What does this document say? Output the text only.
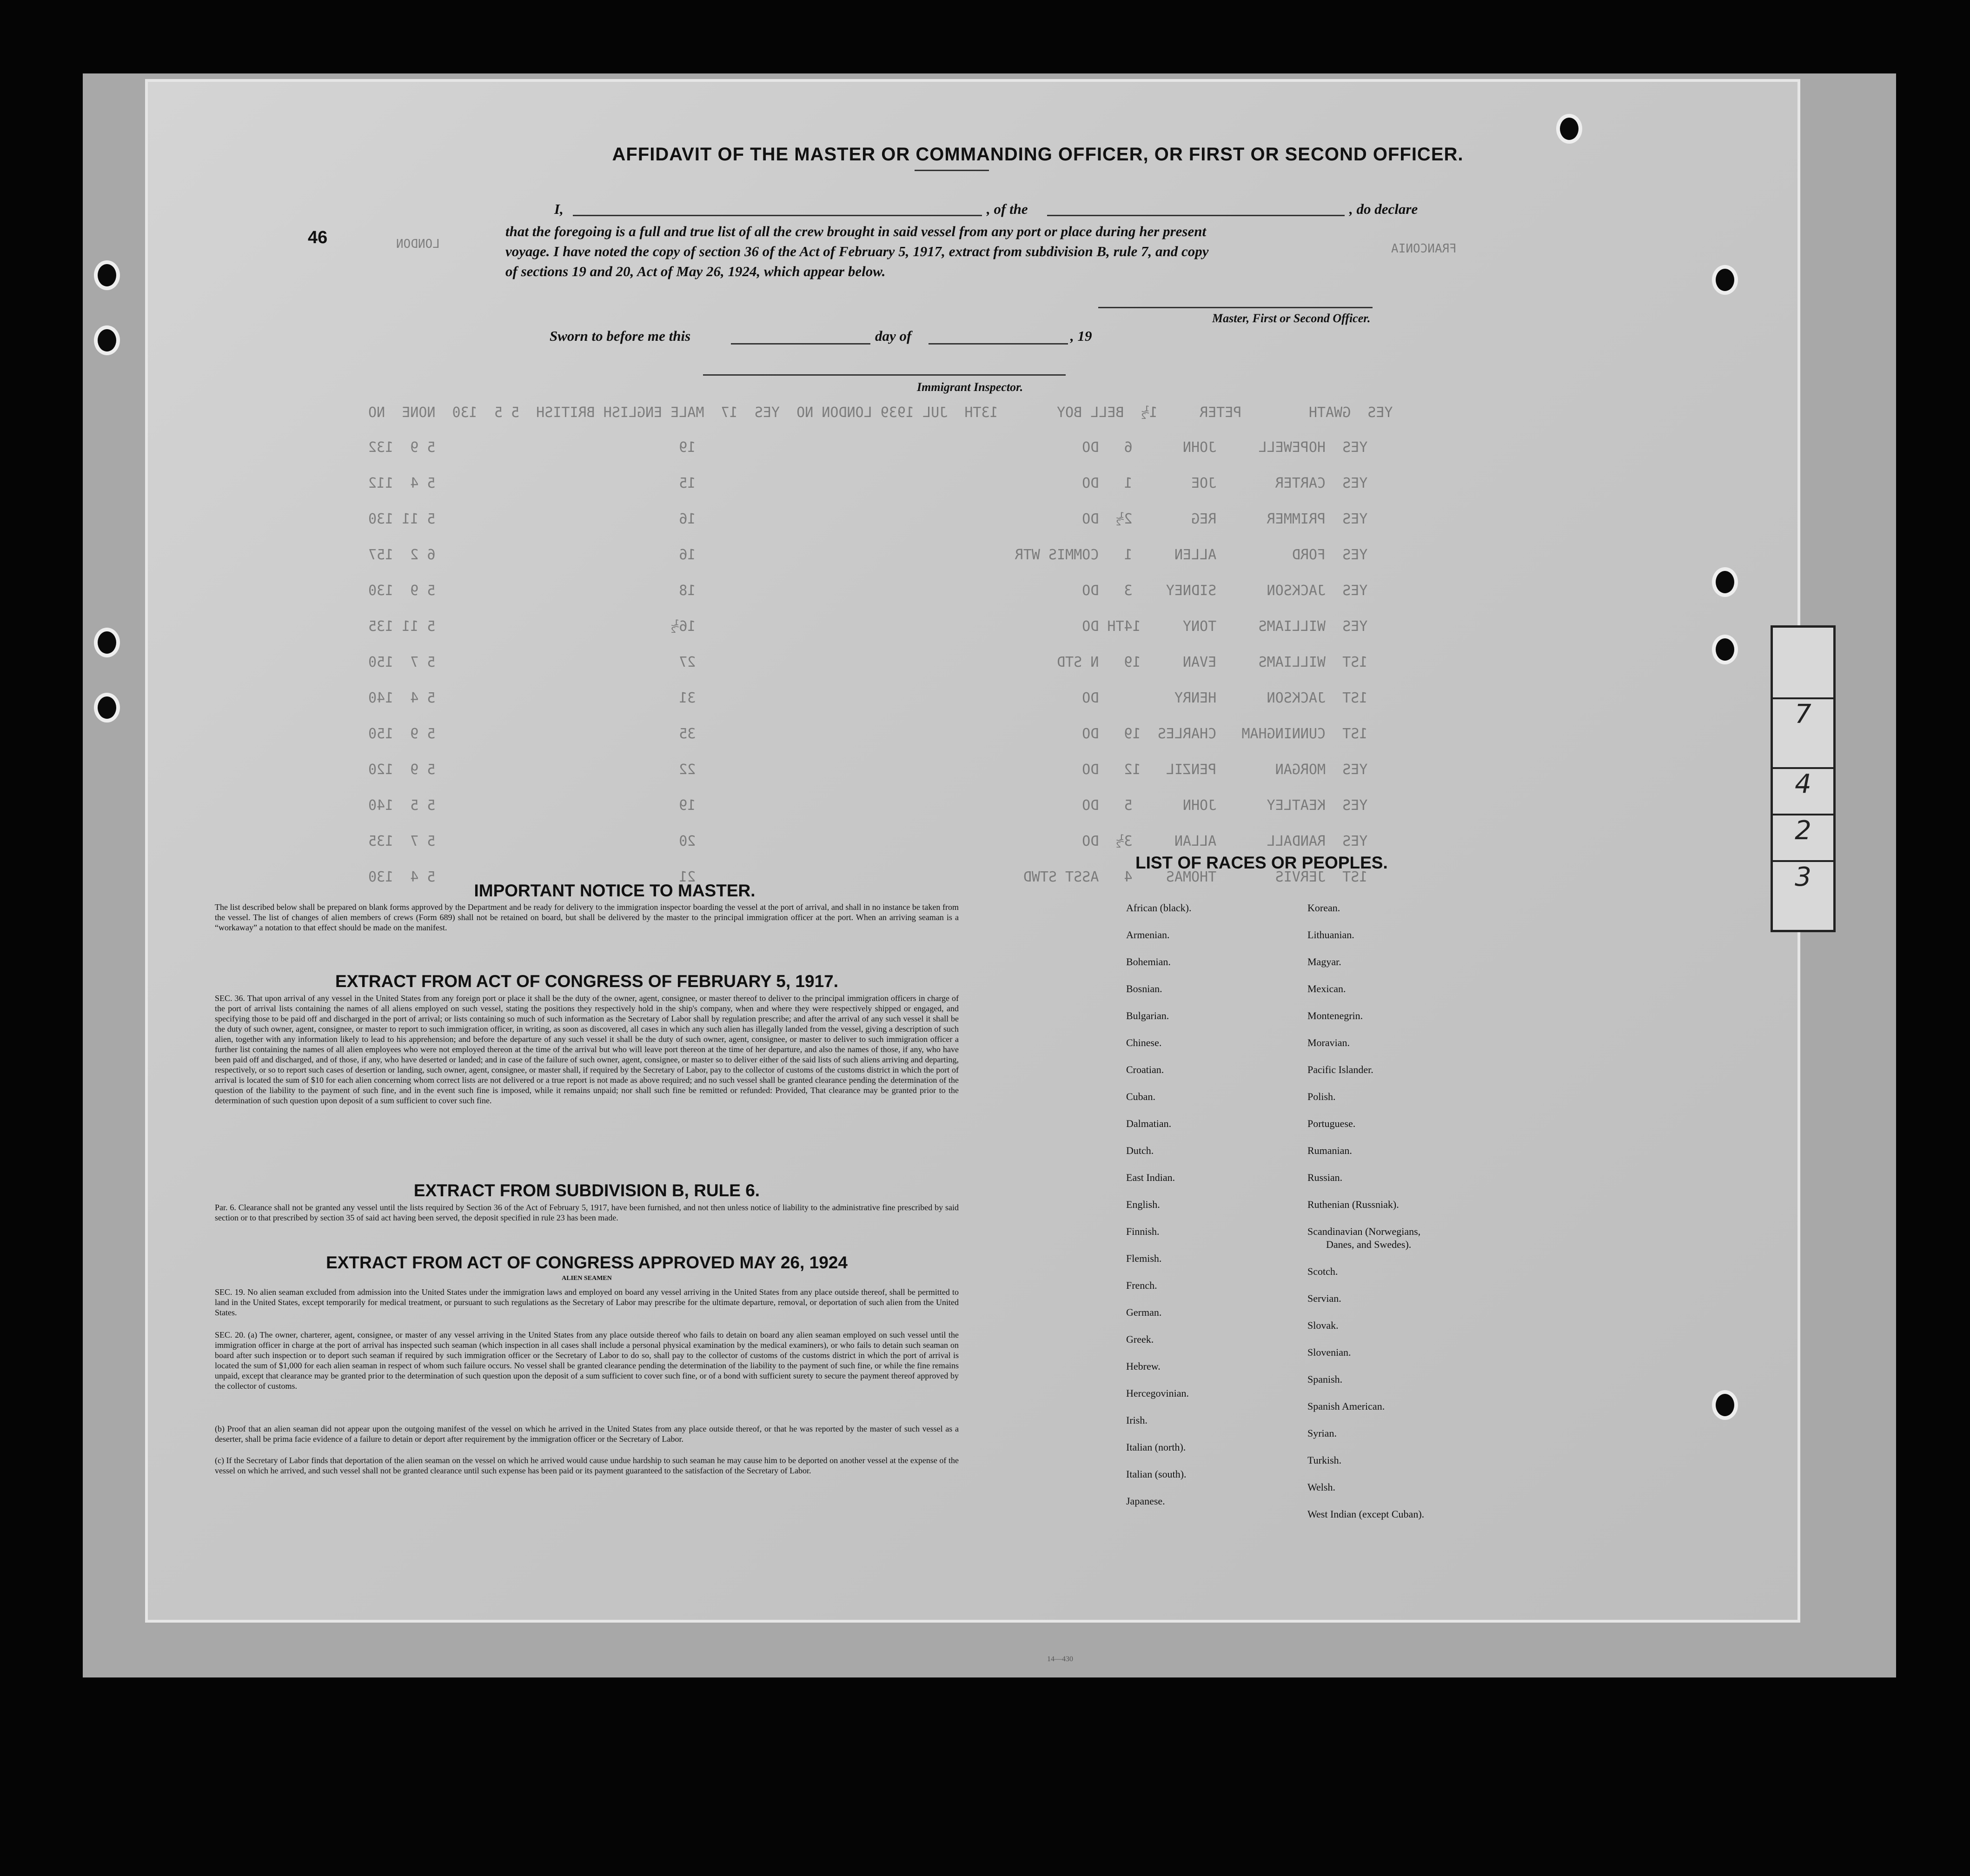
FRANCONIA
LONDON
46
YES  GWATH        PETER     1½  BELL BOY       13TH  JUL 1939 LONDON NO  YES  17  MALE ENGLISH BRITISH  5 5  130  NONE  NO
YES  HOPEWELL     JOHN      6   DO                                              19                             5 9  132
YES  CARTER       JOE       1   DO                                              15                             5 4  112
YES  PRIMMER      REG       2½  DO                                              16                             5 11 130
YES  FORD         ALLEN     1   COMMIS WTR                                      16                             6 2  157
YES  JACKSON      SIDNEY    3   DO                                              18                             5 9  130
YES  WILLIAMS     TONY     14TH DO                                              16½                            5 11 135
1ST  WILLIAMS     EVAN     19   N STD                                           27                             5 7  150
1ST  JACKSON      HENRY         DO                                              31                             5 4  140
1ST  CUNNINGHAM   CHARLES  19   DO                                              35                             5 9  150
YES  MORGAN       PENZIL   12   DO                                              22                             5 9  120
YES  KEATLEY      JOHN      5   DO                                              19                             5 5  140
YES  RANDALL      ALLAN     3½  DO                                              20                             5 7  135
1ST  JERVIS       THOMAS    4   ASST STWD                                       21                             5 4  130
AFFIDAVIT OF THE MASTER OR COMMANDING OFFICER, OR FIRST OR SECOND OFFICER.
I,	, of the	, do declare
that the foregoing is a full and true list of all the crew brought in said vessel from any port or place during her present
voyage. I have noted the copy of section 36 of the Act of February 5, 1917, extract from subdivision B, rule 7, and copy
of sections 19 and 20, Act of May 26, 1924, which appear below.
Master, First or Second Officer.
Sworn to before me this	day of	, 19
Immigrant Inspector.
IMPORTANT NOTICE TO MASTER.
The list described below shall be prepared on blank forms approved by the Department and be ready for delivery to the immigration inspector boarding the vessel at the port of arrival, and shall in no instance be taken from the vessel. The list of changes of alien members of crews (Form 689) shall not be retained on board, but shall be delivered by the master to the principal immigration officer at the port. When an arriving seaman is a “workaway” a notation to that effect should be made on the manifest.
EXTRACT FROM ACT OF CONGRESS OF FEBRUARY 5, 1917.
SEC. 36. That upon arrival of any vessel in the United States from any foreign port or place it shall be the duty of the owner, agent, consignee, or master thereof to deliver to the principal immigration officers in charge of the port of arrival lists containing the names of all aliens employed on such vessel, stating the positions they respectively hold in the ship's company, when and where they were respectively shipped or engaged, and specifying those to be paid off and discharged in the port of arrival; or lists containing so much of such information as the Secretary of Labor shall by regulation prescribe; and after the arrival of any such vessel it shall be the duty of such owner, agent, consignee, or master to report to such immigration officer, in writing, as soon as discovered, all cases in which any such alien has illegally landed from the vessel, giving a description of such alien, together with any information likely to lead to his apprehension; and before the departure of any such vessel it shall be the duty of such owner, agent, consignee, or master to deliver to such immigration officer a further list containing the names of all alien employees who were not employed thereon at the time of the arrival but who will leave port thereon at the time of her departure, and also the names of those, if any, who have been paid off and discharged, and of those, if any, who have deserted or landed; and in case of the failure of such owner, agent, consignee, or master so to deliver either of the said lists of such aliens arriving and departing, respectively, or so to report such cases of desertion or landing, such owner, agent, consignee, or master shall, if required by the Secretary of Labor, pay to the collector of customs of the customs district in which the port of arrival is located the sum of $10 for each alien concerning whom correct lists are not delivered or a true report is not made as above required; and no such vessel shall be granted clearance pending the determination of the question of the liability to the payment of such fine, and in the event such fine is imposed, while it remains unpaid; nor shall such fine be remitted or refunded: Provided, That clearance may be granted prior to the determination of such question upon deposit of a sum sufficient to cover such fine.
EXTRACT FROM SUBDIVISION B, RULE 6.
Par. 6. Clearance shall not be granted any vessel until the lists required by Section 36 of the Act of February 5, 1917, have been furnished, and not then unless notice of liability to the administrative fine prescribed by said section or to that prescribed by section 35 of said act having been served, the deposit specified in rule 23 has been made.
EXTRACT FROM ACT OF CONGRESS APPROVED MAY 26, 1924
ALIEN SEAMEN
SEC. 19. No alien seaman excluded from admission into the United States under the immigration laws and employed on board any vessel arriving in the United States from any place outside thereof, shall be permitted to land in the United States, except temporarily for medical treatment, or pursuant to such regulations as the Secretary of Labor may prescribe for the ultimate departure, removal, or deportation of such alien from the United States.
SEC. 20. (a) The owner, charterer, agent, consignee, or master of any vessel arriving in the United States from any place outside thereof who fails to detain on board any alien seaman employed on such vessel until the immigration officer in charge at the port of arrival has inspected such seaman (which inspection in all cases shall include a personal physical examination by the medical examiners), or who fails to detain such seaman on board after such inspection or to deport such seaman if required by such immigration officer or the Secretary of Labor to do so, shall pay to the collector of customs of the customs district in which the port of arrival is located the sum of $1,000 for each alien seaman in respect of whom such failure occurs. No vessel shall be granted clearance pending the determination of the liability to the payment of such fine, or while the fine remains unpaid, except that clearance may be granted prior to the determination of such question upon the deposit of a sum sufficient to cover such fine, or of a bond with sufficient surety to secure the payment thereof approved by the collector of customs.
(b) Proof that an alien seaman did not appear upon the outgoing manifest of the vessel on which he arrived in the United States from any place outside thereof, or that he was reported by the master of such vessel as a deserter, shall be prima facie evidence of a failure to detain or deport after requirement by the immigration officer or the Secretary of Labor.
(c) If the Secretary of Labor finds that deportation of the alien seaman on the vessel on which he arrived would cause undue hardship to such seaman he may cause him to be deported on another vessel at the expense of the vessel on which he arrived, and such vessel shall not be granted clearance until such expense has been paid or its payment guaranteed to the satisfaction of the Secretary of Labor.
LIST OF RACES OR PEOPLES.
14—430
African (black).
Armenian.
Bohemian.
Bosnian.
Bulgarian.
Chinese.
Croatian.
Cuban.
Dalmatian.
Dutch.
East Indian.
English.
Finnish.
Flemish.
French.
German.
Greek.
Hebrew.
Hercegovinian.
Irish.
Italian (north).
Italian (south).
Japanese.
Korean.
Lithuanian.
Magyar.
Mexican.
Montenegrin.
Moravian.
Pacific Islander.
Polish.
Portuguese.
Rumanian.
Russian.
Ruthenian (Russniak).
Scandinavian (Norwegians,
Danes, and Swedes).
Scotch.
Servian.
Slovak.
Slovenian.
Spanish.
Spanish American.
Syrian.
Turkish.
Welsh.
West Indian (except Cuban).
7
4
2
3
